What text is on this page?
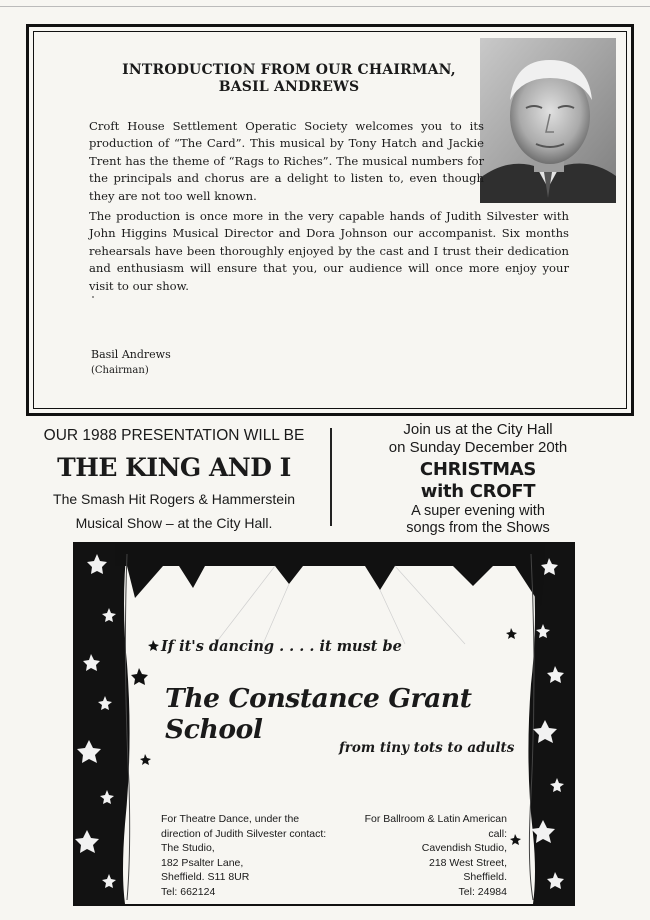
INTRODUCTION FROM OUR CHAIRMAN,
BASIL ANDREWS

Croft House Settlement Operatic Society welcomes you to its production of “The Card”. This musical by Tony Hatch and Jackie Trent has the theme of “Rags to Riches”. The musical numbers for the principals and chorus are a delight to listen to, even though they are not too well known.

The production is once more in the very capable hands of Judith Silvester with John Higgins Musical Director and Dora Johnson our accompanist. Six months rehearsals have been thoroughly enjoyed by the cast and I trust their dedication and enthusiasm will ensure that you, our audience will once more enjoy your visit to our show.

Basil Andrews
(Chairman)
OUR 1988 PRESENTATION WILL BE
THE KING AND I
The Smash Hit Rogers & Hammerstein
Musical Show – at the City Hall.
Join us at the City Hall
on Sunday December 20th
CHRISTMAS
with CROFT
A super evening with
songs from the Shows
If it's dancing . . . . it must be
The Constance Grant School
from tiny tots to adults
For Theatre Dance, under the
direction of Judith Silvester contact:
The Studio,
182 Psalter Lane,
Sheffield. S11 8UR
Tel: 662124
For Ballroom & Latin American
call:
Cavendish Studio,
218 West Street,
Sheffield.
Tel: 24984
